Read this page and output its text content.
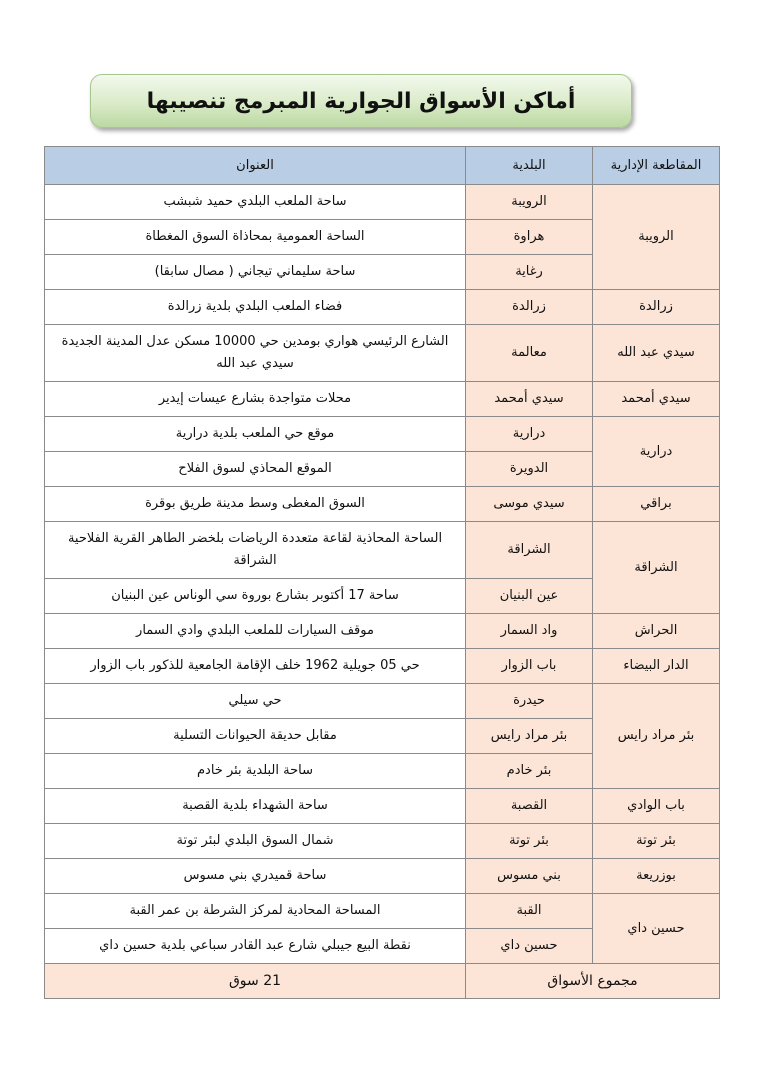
أماكن الأسواق الجوارية المبرمج تنصيبها
المقاطعة الإدارية	البلدية	العنوان
الرويبة	الرويبة	ساحة الملعب البلدي حميد شبشب
	هراوة	الساحة العمومية بمحاذاة السوق المغطاة
	رغاية	ساحة سليماني تيجاني ( مصال سابقا)
زرالدة	زرالدة	فضاء الملعب البلدي بلدية زرالدة
سيدي عبد الله	معالمة	الشارع الرئيسي هواري بومدين حي 10000 مسكن عدل المدينة الجديدة سيدي عبد الله
سيدي أمحمد	سيدي أمحمد	محلات متواجدة بشارع عيسات إيدير
درارية	درارية	موقع حي الملعب بلدية درارية
	الدويرة	الموقع المحاذي لسوق الفلاح
براقي	سيدي موسى	السوق المغطى وسط مدينة طريق بوقرة
الشراقة	الشراقة	الساحة المحاذية لقاعة متعددة الرياضات بلخضر الطاهر القرية الفلاحية الشراقة
	عين البنيان	ساحة 17 أكتوبر بشارع بوروة سي الوناس عين البنيان
الحراش	واد السمار	موقف السيارات للملعب البلدي وادي السمار
الدار البيضاء	باب الزوار	حي 05 جويلية 1962 خلف الإقامة الجامعية للذكور باب الزوار
بئر مراد رايس	حيدرة	حي سيلي
	بئر مراد رايس	مقابل حديقة الحيوانات التسلية
	بئر خادم	ساحة البلدية بئر خادم
باب الوادي	القصبة	ساحة الشهداء بلدية القصبة
بئر توتة	بئر توتة	شمال السوق البلدي لبئر توتة
بوزريعة	بني مسوس	ساحة قميدري بني مسوس
حسين داي	القبة	المساحة المحادية لمركز الشرطة بن عمر القبة
	حسين داي	نقطة البيع جيبلي شارع عبد القادر سباعي بلدية حسين داي
مجموع الأسواق		21 سوق
